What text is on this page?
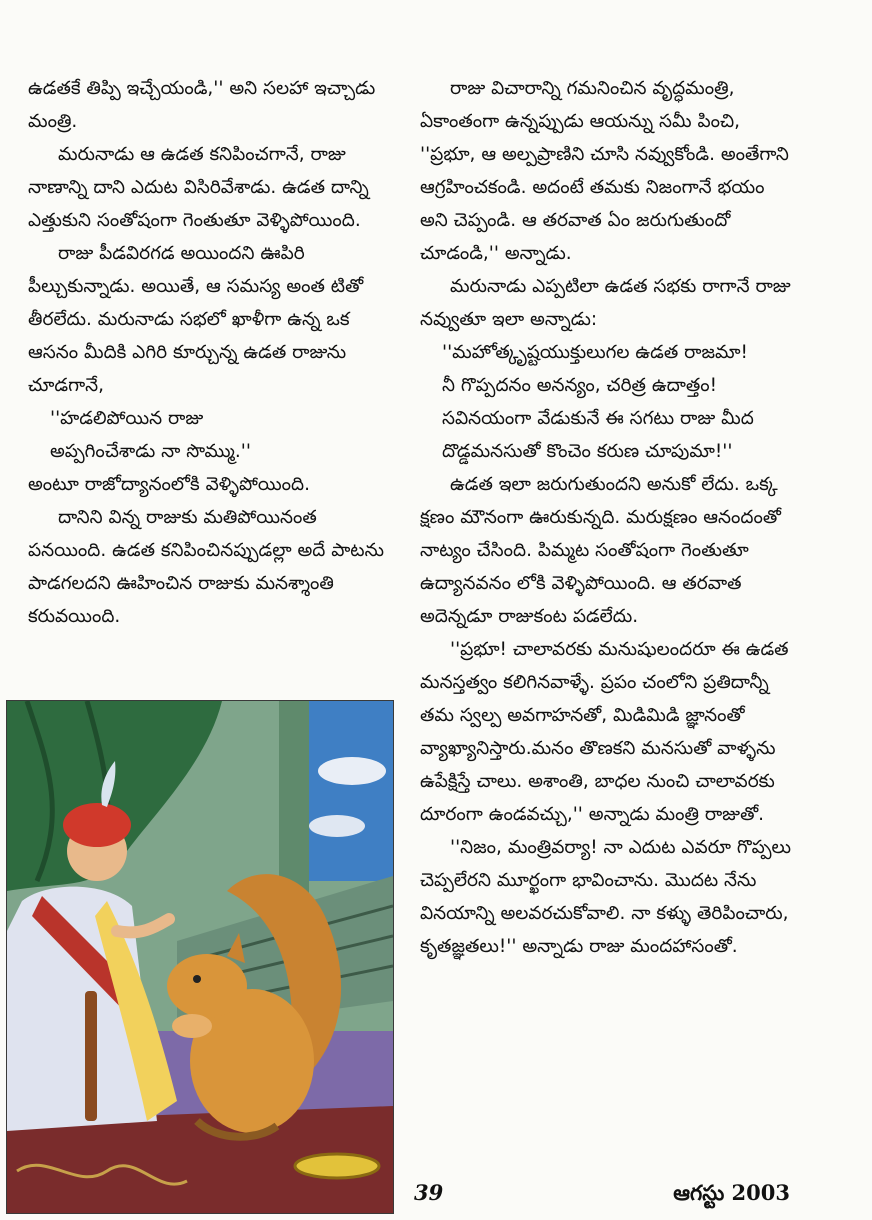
ఉడతకే తిప్పి ఇచ్చేయండి,'' అని సలహా ఇచ్చాడు మంత్రి.

మరునాడు ఆ ఉడత కనిపించగానే, రాజు నాణాన్ని దాని ఎదుట విసిరివేశాడు. ఉడత దాన్ని ఎత్తుకుని సంతోషంగా గెంతుతూ వెళ్ళిపోయింది.

రాజు పీడవిరగడ అయిందని ఊపిరి పీల్చుకున్నాడు. అయితే, ఆ సమస్య అంత టితో తీరలేదు. మరునాడు సభలో ఖాళీగా ఉన్న ఒక ఆసనం మీదికి ఎగిరి కూర్చున్న ఉడత రాజును చూడగానే,

''హడలిపోయిన రాజు

అప్పగించేశాడు నా సొమ్ము.''

అంటూ రాజోద్యానంలోకి వెళ్ళిపోయింది.

దానిని విన్న రాజుకు మతిపోయినంత పనయింది. ఉడత కనిపించినప్పుడల్లా అదే పాటను పాడగలదని ఊహించిన రాజుకు మనశ్శాంతి కరువయింది.

రాజు విచారాన్ని గమనించిన వృద్ధమంత్రి, ఏకాంతంగా ఉన్నప్పుడు ఆయన్ను సమీ పించి, ''ప్రభూ, ఆ అల్పప్రాణిని చూసి నవ్వుకోండి. అంతేగాని ఆగ్రహించకండి. అదంటే తమకు నిజంగానే భయం అని చెప్పండి. ఆ తరవాత ఏం జరుగుతుందో చూడండి,'' అన్నాడు.

మరునాడు ఎప్పటిలా ఉడత సభకు రాగానే రాజు నవ్వుతూ ఇలా అన్నాడు:

''మహోత్కృష్టయుక్తులుగల ఉడత రాజమా!

నీ గొప్పదనం అనన్యం, చరిత్ర ఉదాత్తం!

సవినయంగా వేడుకునే ఈ సగటు రాజు మీద

దొడ్డమనసుతో కొంచెం కరుణ చూపుమా!''

ఉడత ఇలా జరుగుతుందని అనుకో లేదు. ఒక్క క్షణం మౌనంగా ఊరుకున్నది. మరుక్షణం ఆనందంతో నాట్యం చేసింది. పిమ్మట సంతోషంగా గెంతుతూ ఉద్యానవనం లోకి వెళ్ళిపోయింది. ఆ తరవాత అదెన్నడూ రాజుకంట పడలేదు.

''ప్రభూ! చాలావరకు మనుషులందరూ ఈ ఉడత మనస్తత్వం కలిగినవాళ్ళే. ప్రపం చంలోని ప్రతిదాన్నీ తమ స్వల్ప అవగాహనతో, మిడిమిడి జ్ఞానంతో వ్యాఖ్యానిస్తారు.మనం తొణకని మనసుతో వాళ్ళను ఉపేక్షిస్తే చాలు. అశాంతి, బాధల నుంచి చాలావరకు దూరంగా ఉండవచ్చు,'' అన్నాడు మంత్రి రాజుతో.

''నిజం, మంత్రివర్యా! నా ఎదుట ఎవరూ గొప్పలు చెప్పలేరని మూర్ఖంగా భావించాను. మొదట నేను వినయాన్ని అలవరచుకోవాలి. నా కళ్ళు తెరిపించారు, కృతజ్ఞతలు!'' అన్నాడు రాజు మందహాసంతో.

39	ఆగస్టు 2003
